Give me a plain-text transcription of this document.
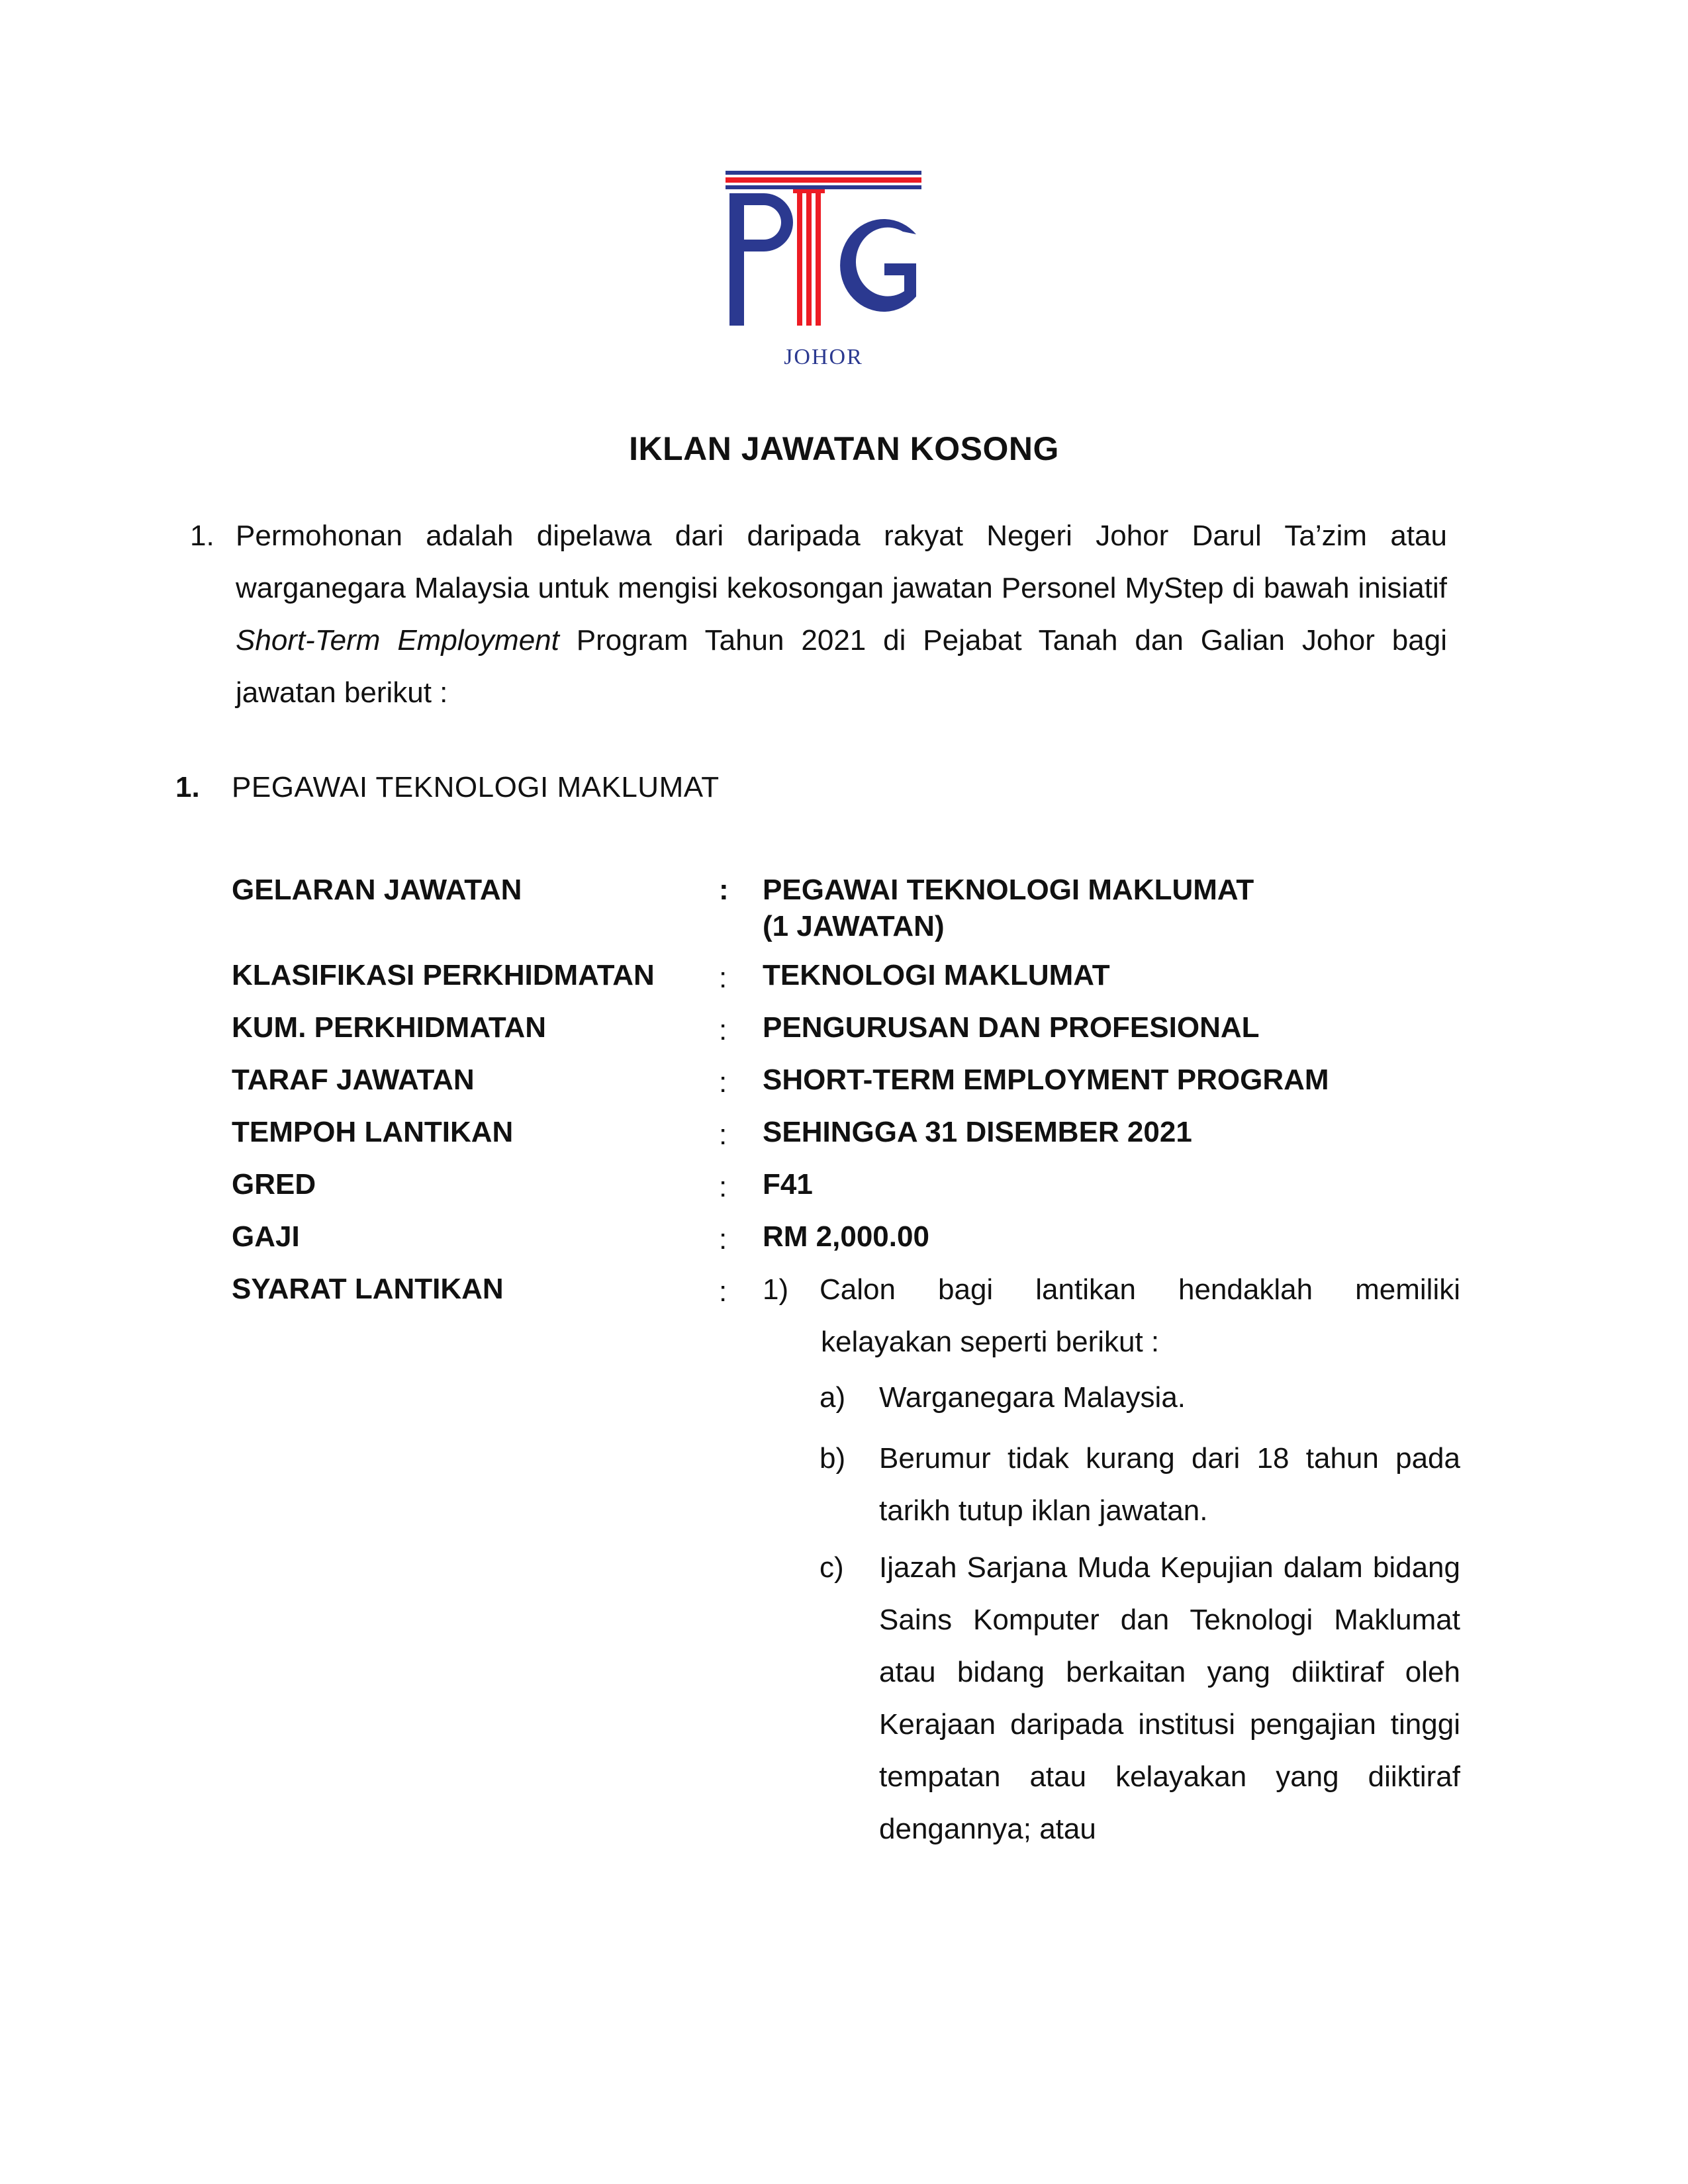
JOHOR
IKLAN JAWATAN KOSONG
1. Permohonan adalah dipelawa dari daripada rakyat Negeri Johor Darul Ta’zim atau warganegara Malaysia untuk mengisi kekosongan jawatan Personel MyStep di bawah inisiatif Short-Term Employment Program Tahun 2021 di Pejabat Tanah dan Galian Johor bagi jawatan berikut :
1. PEGAWAI TEKNOLOGI MAKLUMAT
GELARAN JAWATAN	: PEGAWAI TEKNOLOGI MAKLUMAT
(1 JAWATAN)
KLASIFIKASI PERKHIDMATAN : TEKNOLOGI MAKLUMAT
KUM. PERKHIDMATAN	: PENGURUSAN DAN PROFESIONAL
TARAF JAWATAN	: SHORT-TERM EMPLOYMENT PROGRAM
TEMPOH LANTIKAN	: SEHINGGA 31 DISEMBER 2021
GRED	: F41
GAJI	: RM 2,000.00
SYARAT LANTIKAN	: 1) Calon bagi lantikan hendaklah memiliki
kelayakan seperti berikut :
a) Warganegara Malaysia.
b) Berumur tidak kurang dari 18 tahun pada tarikh tutup iklan jawatan.
c) Ijazah Sarjana Muda Kepujian dalam bidang Sains Komputer dan Teknologi Maklumat atau bidang berkaitan yang diiktiraf oleh Kerajaan daripada institusi pengajian tinggi tempatan atau kelayakan yang diiktiraf dengannya; atau
